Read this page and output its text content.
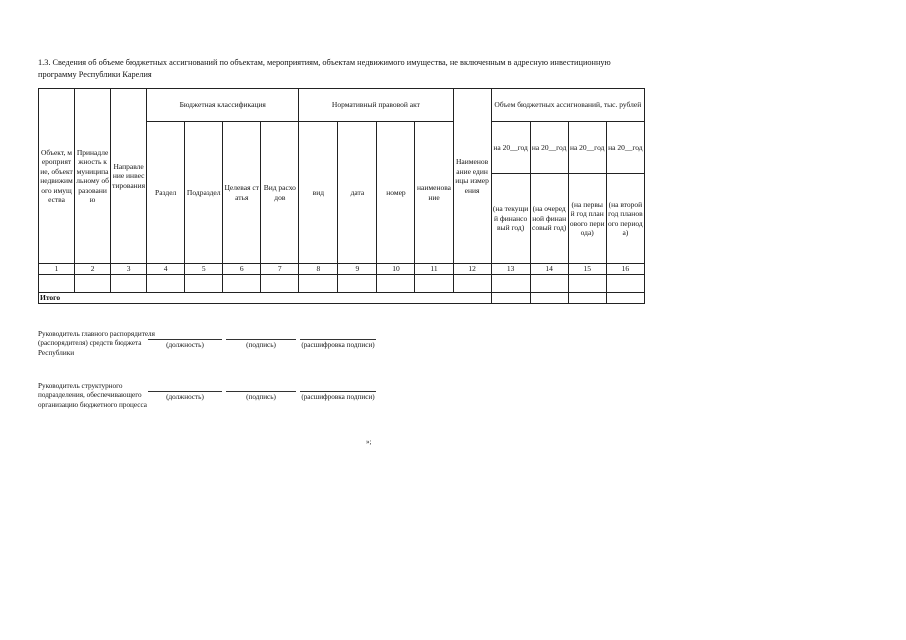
1.3. Сведения об объеме бюджетных ассигнований по объектам, мероприятиям, объектам недвижимого имущества, не включенным в адресную инвестиционную программу Республики Карелия
Объект, мероприятие, объект недвижимого имущества	Принадлежность к муниципальному образованию	Направление инвестирования	Бюджетная классификация				Нормативный правовой акт				Наименование единицы измерения	Объем бюджетных ассигнований, тыс. рублей			
			Раздел	Подраздел	Целевая статья	Вид расходов	вид	дата	номер	наименование		на 20__год	на 20__год	на 20__год	на 20__год
												(на текущий финансовый год)	(на очередной финансовый год)	(на первый год планового периода)	(на второй год планового периода)
1	2	3	4	5	6	7	8	9	10	11	12	13	14	15	16

Итого															
Руководитель главного распорядителя (распорядителя) средств бюджета Республики
(должность)	(подпись)	(расшифровка подписи)
Руководитель структурного подразделения, обеспечивающего организацию бюджетного процесса
(должность)	(подпись)	(расшифровка подписи)
»;
